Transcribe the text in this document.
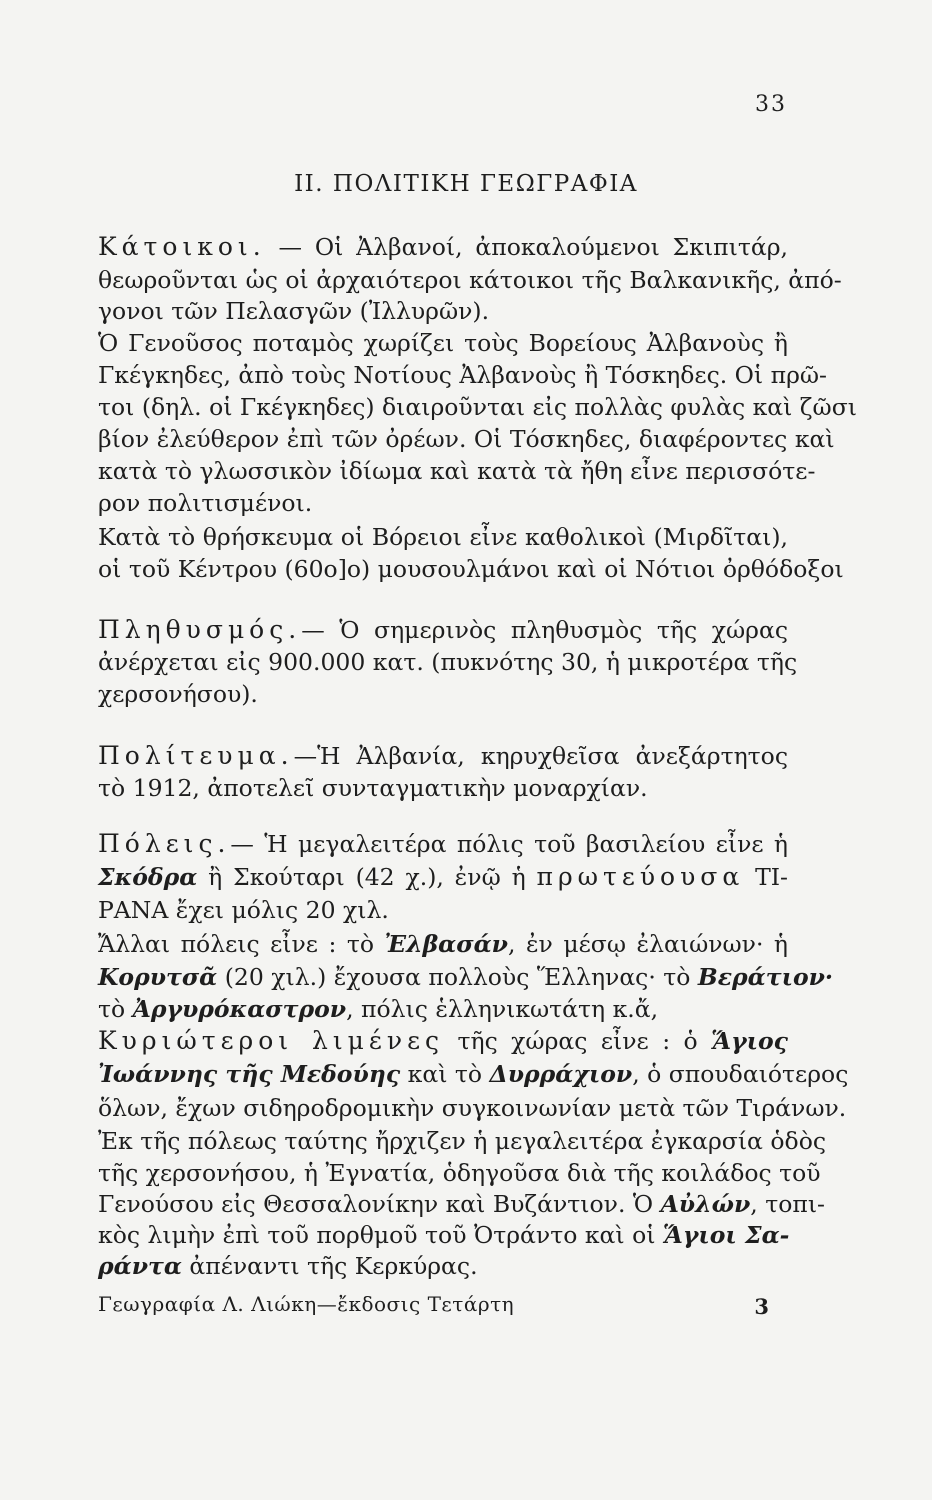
33
II. ΠΟΛΙΤΙΚΗ ΓΕΩΓΡΑΦΙΑ
Κάτοικοι. — Οἱ Ἀλβανοί, ἀποκαλούμενοι Σκιπιτάρ,
θεωροῦνται ὡς οἱ ἀρχαιότεροι κάτοικοι τῆς Βαλκανικῆς, ἀπό-
γονοι τῶν Πελασγῶν (Ἰλλυρῶν).
Ὁ Γενοῦσος ποταμὸς χωρίζει τοὺς Βορείους Ἀλβανοὺς ἢ
Γκέγκηδες, ἀπὸ τοὺς Νοτίους Ἀλβανοὺς ἢ Τόσκηδες. Οἱ πρῶ-
τοι (δηλ. οἱ Γκέγκηδες) διαιροῦνται εἰς πολλὰς φυλὰς καὶ ζῶσι
βίον ἐλεύθερον ἐπὶ τῶν ὀρέων. Οἱ Τόσκηδες, διαφέροντες καὶ
κατὰ τὸ γλωσσικὸν ἰδίωμα καὶ κατὰ τὰ ἤθη εἶνε περισσότε-
ρον πολιτισμένοι.
Κατὰ τὸ θρήσκευμα οἱ Βόρειοι εἶνε καθολικοὶ (Μιρδῖται),
οἱ τοῦ Κέντρου (60ο]ο) μουσουλμάνοι καὶ οἱ Νότιοι ὀρθόδοξοι
Πληθυσμός.— Ὁ σημερινὸς πληθυσμὸς τῆς χώρας
ἀνέρχεται εἰς 900.000 κατ. (πυκνότης 30, ἡ μικροτέρα τῆς
χερσονήσου).
Πολίτευμα.—Ἡ Ἀλβανία, κηρυχθεῖσα ἀνεξάρτητος
τὸ 1912, ἀποτελεῖ συνταγματικὴν μοναρχίαν.
Πόλεις.— Ἡ μεγαλειτέρα πόλις τοῦ βασιλείου εἶνε ἡ
Σκόδρα ἢ Σκούταρι (42 χ.), ἐνῷ ἡ πρωτεύουσα ΤΙ-
ΡΑΝΑ ἔχει μόλις 20 χιλ.
Ἄλλαι πόλεις εἶνε : τὸ Ἐλβασάν, ἐν μέσῳ ἐλαιώνων· ἡ
Κορυτσᾶ (20 χιλ.) ἔχουσα πολλοὺς Ἕλληνας· τὸ Βεράτιον·
τὸ Ἀργυρόκαστρον, πόλις ἑλληνικωτάτη κ.ἄ,
Κυριώτεροι λιμένες τῆς χώρας εἶνε : ὁ Ἅγιος
Ἰωάννης τῆς Μεδούης καὶ τὸ Δυρράχιον, ὁ σπουδαιότερος
ὅλων, ἔχων σιδηροδρομικὴν συγκοινωνίαν μετὰ τῶν Τιράνων.
Ἐκ τῆς πόλεως ταύτης ἤρχιζεν ἡ μεγαλειτέρα ἐγκαρσία ὁδὸς
τῆς χερσονήσου, ἡ Ἐγνατία, ὁδηγοῦσα διὰ τῆς κοιλάδος τοῦ
Γενούσου εἰς Θεσσαλονίκην καὶ Βυζάντιον. Ὁ Αὐλών, τοπι-
κὸς λιμὴν ἐπὶ τοῦ πορθμοῦ τοῦ Ὀτράντο καὶ οἱ Ἅγιοι Σα-
ράντα ἀπέναντι τῆς Κερκύρας.
Γεωγραφία Λ. Λιώκη—ἔκδοσις Τετάρτη	3
